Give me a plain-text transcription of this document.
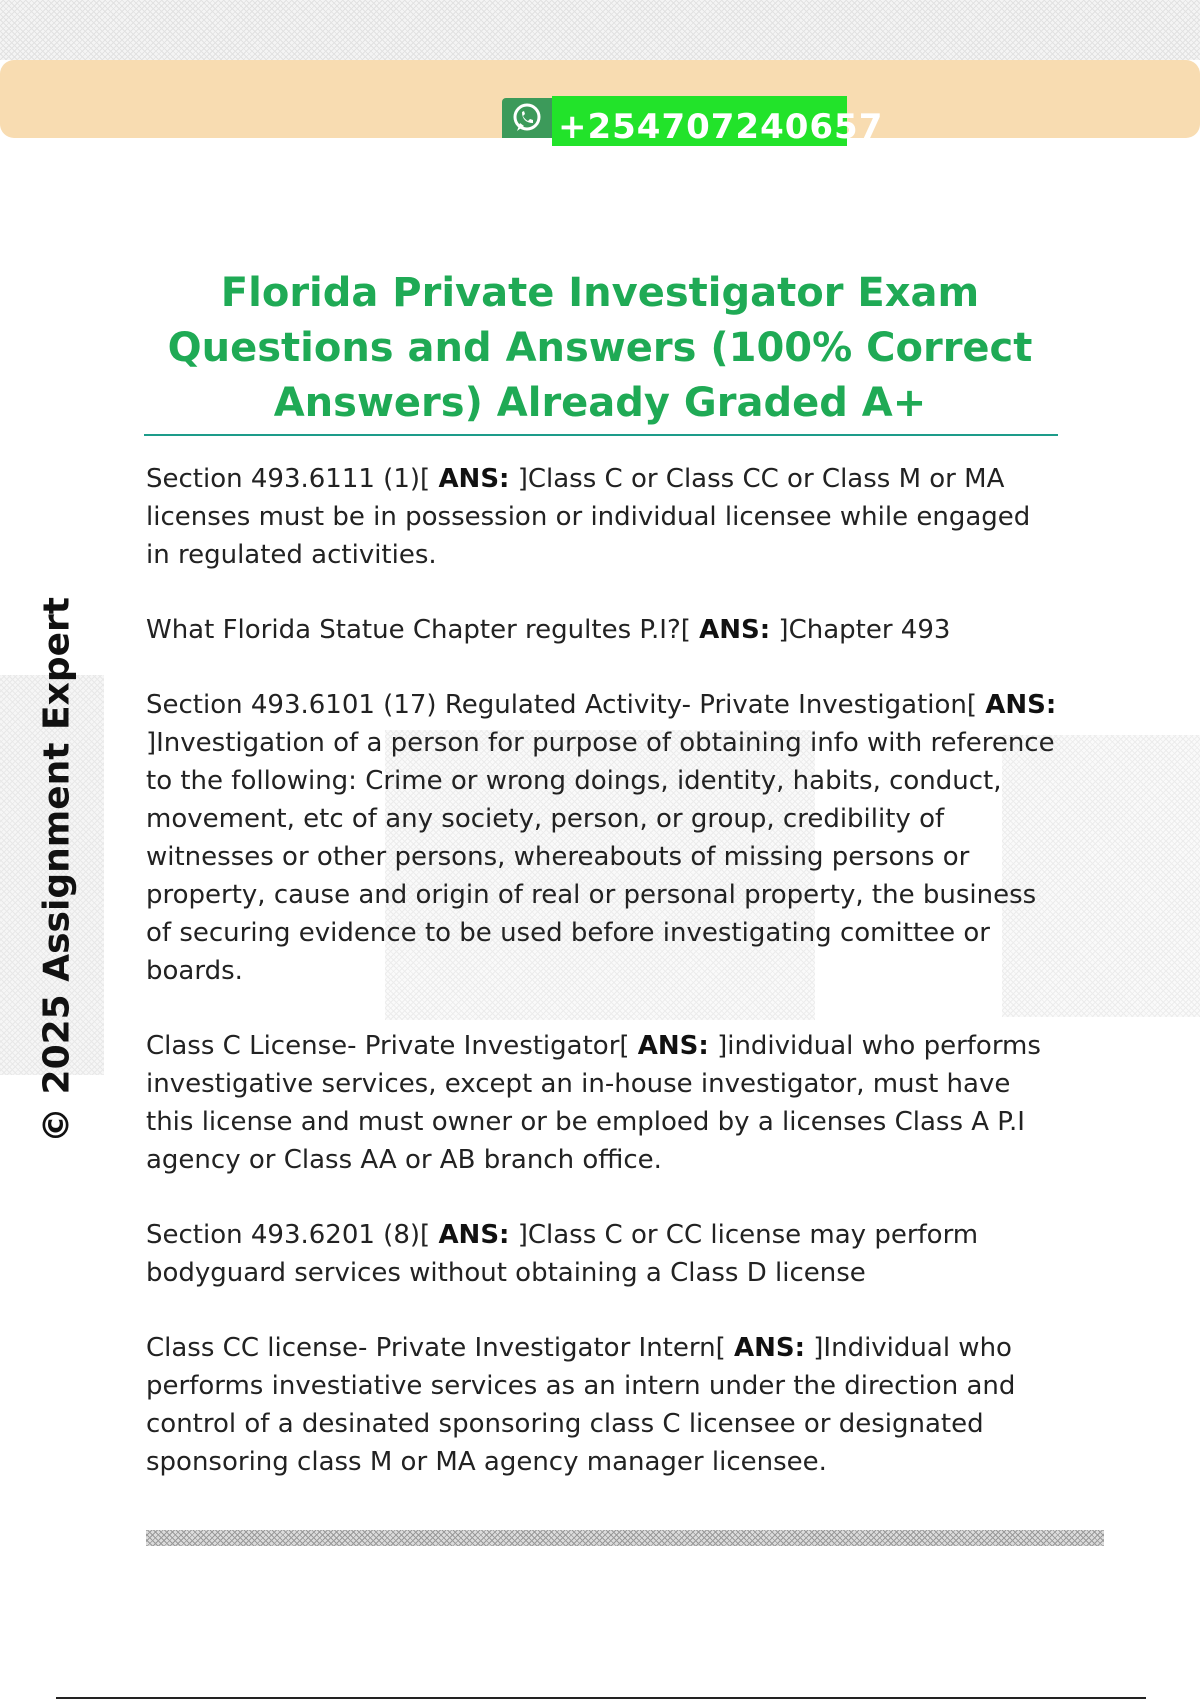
+254707240657
© 2025 Assignment Expert
Florida Private Investigator Exam Questions and Answers (100% Correct Answers) Already Graded A+

Section 493.6111 (1)[ ANS: ]Class C or Class CC or Class M or MA licenses must be in possession or individual licensee while engaged in regulated activities.

What Florida Statue Chapter regultes P.I?[ ANS: ]Chapter 493

Section 493.6101 (17) Regulated Activity- Private Investigation[ ANS: ]Investigation of a person for purpose of obtaining info with reference to the following: Crime or wrong doings, identity, habits, conduct, movement, etc of any society, person, or group, credibility of witnesses or other persons, whereabouts of missing persons or property, cause and origin of real or personal property, the business of securing evidence to be used before investigating comittee or boards.

Class C License- Private Investigator[ ANS: ]individual who performs investigative services, except an in-house investigator, must have this license and must owner or be emploed by a licenses Class A P.I agency or Class AA or AB branch office.

Section 493.6201 (8)[ ANS: ]Class C or CC license may perform bodyguard services without obtaining a Class D license

Class CC license- Private Investigator Intern[ ANS: ]Individual who performs investiative services as an intern under the direction and control of a desinated sponsoring class C licensee or designated sponsoring class M or MA agency manager licensee.
